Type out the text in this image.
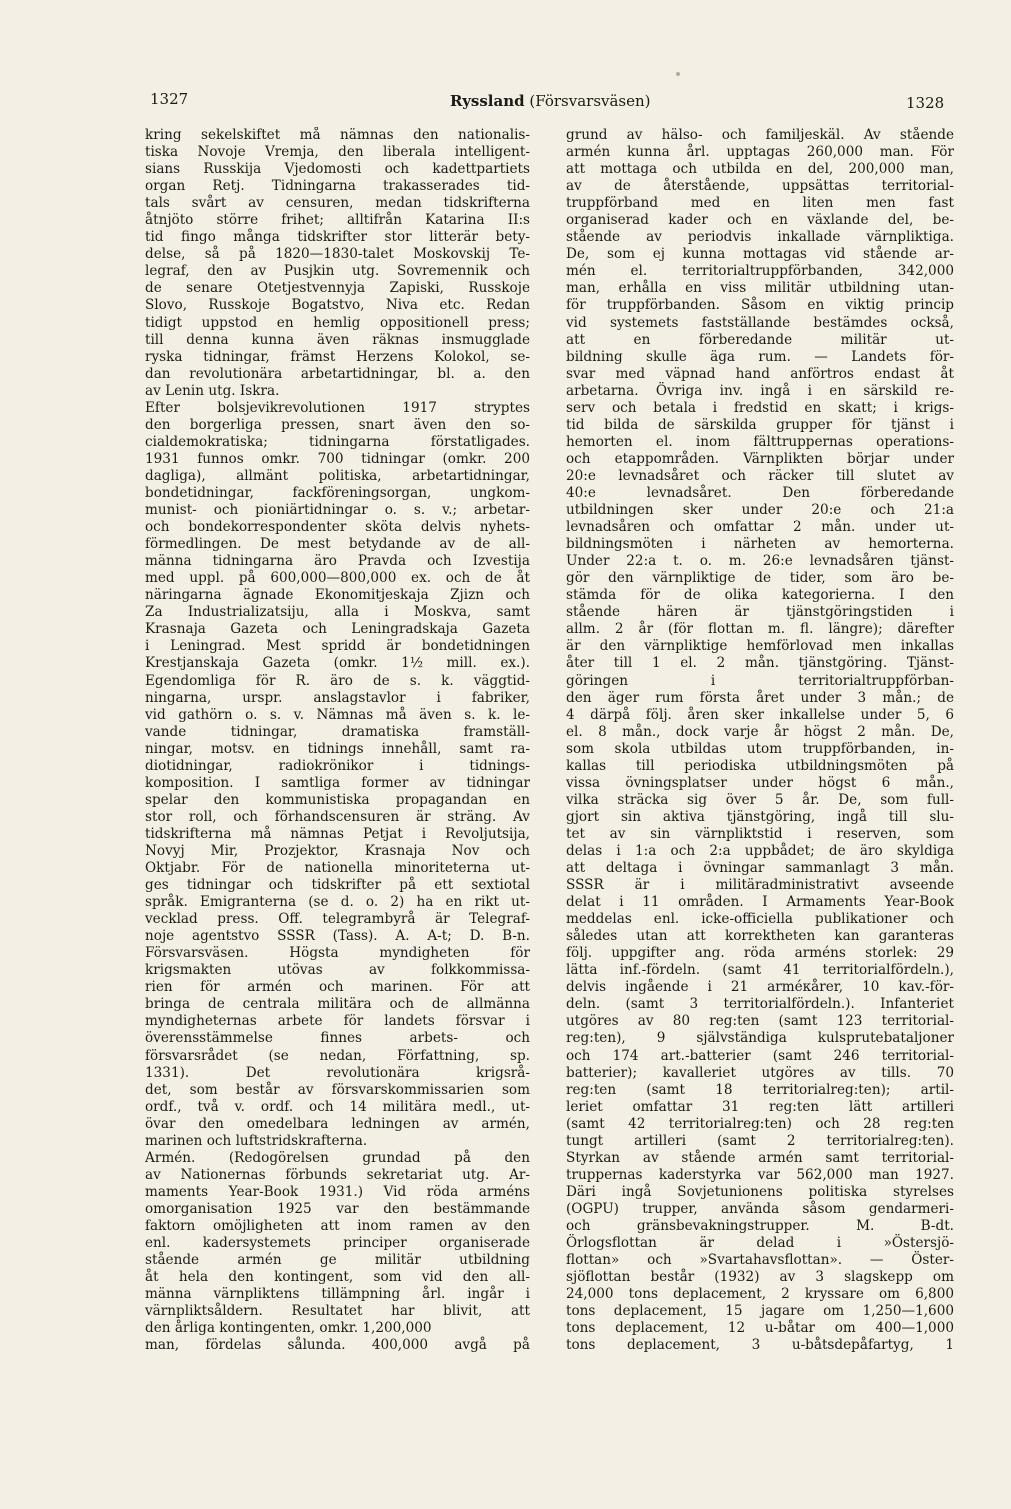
1327	Ryssland (Försvarsväsen)	1328

kring sekelskiftet må nämnas den nationalis-

tiska Novoje Vremja, den liberala intelligent-

sians Russkija Vjedomosti och kadettpartiets

organ Retj. Tidningarna trakasserades tid-

tals svårt av censuren, medan tidskrifterna

åtnjöto större frihet; alltifrån Katarina II:s

tid fingo många tidskrifter stor litterär bety-

delse, så på 1820—1830-talet Moskovskij Te-

legraf, den av Pusjkin utg. Sovremennik och

de senare Otetjestvennyja Zapiski, Russkoje

Slovo, Russkoje Bogatstvo, Niva etc. Redan

tidigt uppstod en hemlig oppositionell press;

till denna kunna även räknas insmugglade

ryska tidningar, främst Herzens Kolokol, se-

dan revolutionära arbetartidningar, bl. a. den

av Lenin utg. Iskra.

Efter bolsjevikrevolutionen 1917 stryptes

den borgerliga pressen, snart även den so-

cialdemokratiska; tidningarna förstatligades.

1931 funnos omkr. 700 tidningar (omkr. 200

dagliga), allmänt politiska, arbetartidningar,

bondetidningar, fackföreningsorgan, ungkom-

munist- och pioniärtidningar o. s. v.; arbetar-

och bondekorrespondenter sköta delvis nyhets-

förmedlingen. De mest betydande av de all-

männa tidningarna äro Pravda och Izvestija

med uppl. på 600,000—800,000 ex. och de åt

näringarna ägnade Ekonomitjeskaja Zjizn och

Za Industrializatsiju, alla i Moskva, samt

Krasnaja Gazeta och Leningradskaja Gazeta

i Leningrad. Mest spridd är bondetidningen

Krestjanskaja Gazeta (omkr. 1½ mill. ex.).

Egendomliga för R. äro de s. k. väggtid-

ningarna, urspr. anslagstavlor i fabriker,

vid gathörn o. s. v. Nämnas må även s. k. le-

vande tidningar, dramatiska framställ-

ningar, motsv. en tidnings innehåll, samt ra-

diotidningar, radiokrönikor i tidnings-

komposition. I samtliga former av tidningar

spelar den kommunistiska propagandan en

stor roll, och förhandscensuren är sträng. Av

tidskrifterna må nämnas Petjat i Revoljutsija,

Novyj Mir, Prozjektor, Krasnaja Nov och

Oktjabr. För de nationella minoriteterna ut-

ges tidningar och tidskrifter på ett sextiotal

språk. Emigranterna (se d. o. 2) ha en rikt ut-

vecklad press. Off. telegrambyrå är Telegraf-

noje agentstvo SSSR (Tass). A. A-t; D. B-n.

Försvarsväsen. Högsta myndigheten för

krigsmakten utövas av folkkommissa-

rien för armén och marinen. För att

bringa de centrala militära och de allmänna

myndigheternas arbete för landets försvar i

överensstämmelse finnes arbets- och

försvarsrådet (se nedan, Författning, sp.

1331). Det revolutionära krigsrå-

det, som består av försvarskommissarien som

ordf., två v. ordf. och 14 militära medl., ut-

övar den omedelbara ledningen av armén,

marinen och luftstridskrafterna.

Armén. (Redogörelsen grundad på den

av Nationernas förbunds sekretariat utg. Ar-

maments Year-Book 1931.) Vid röda arméns

omorganisation 1925 var den bestämmande

faktorn omöjligheten att inom ramen av den

enl. kadersystemets principer organiserade

stående armén ge militär utbildning

åt hela den kontingent, som vid den all-

männa värnpliktens tillämpning årl. ingår i

värnpliktsåldern. Resultatet har blivit, att

den årliga kontingenten, omkr. 1,200,000

man, fördelas sålunda. 400,000 avgå på

grund av hälso- och familjeskäl. Av stående

armén kunna årl. upptagas 260,000 man. För

att mottaga och utbilda en del, 200,000 man,

av de återstående, uppsättas territorial-

truppförband med en liten men fast

organiserad kader och en växlande del, be-

stående av periodvis inkallade värnpliktiga.

De, som ej kunna mottagas vid stående ar-

mén el. territorialtruppförbanden, 342,000

man, erhålla en viss militär utbildning utan-

för truppförbanden. Såsom en viktig princip

vid systemets fastställande bestämdes också,

att en förberedande militär ut-

bildning skulle äga rum. — Landets för-

svar med väpnad hand anförtros endast åt

arbetarna. Övriga inv. ingå i en särskild re-

serv och betala i fredstid en skatt; i krigs-

tid bilda de särskilda grupper för tjänst i

hemorten el. inom fälttruppernas operations-

och etappområden. Värnplikten börjar under

20:e levnadsåret och räcker till slutet av

40:e levnadsåret. Den förberedande

utbildningen sker under 20:e och 21:a

levnadsåren och omfattar 2 mån. under ut-

bildningsmöten i närheten av hemorterna.

Under 22:a t. o. m. 26:e levnadsåren tjänst-

gör den värnpliktige de tider, som äro be-

stämda för de olika kategorierna. I den

stående hären är tjänstgöringstiden i

allm. 2 år (för flottan m. fl. längre); därefter

är den värnpliktige hemförlovad men inkallas

åter till 1 el. 2 mån. tjänstgöring. Tjänst-

göringen i territorialtruppförban-

den äger rum första året under 3 mån.; de

4 därpå följ. åren sker inkallelse under 5, 6

el. 8 mån., dock varje år högst 2 mån. De,

som skola utbildas utom truppförbanden, in-

kallas till periodiska utbildningsmöten på

vissa övningsplatser under högst 6 mån.,

vilka sträcka sig över 5 år. De, som full-

gjort sin aktiva tjänstgöring, ingå till slu-

tet av sin värnpliktstid i reserven, som

delas i 1:a och 2:a uppbådet; de äro skyldiga

att deltaga i övningar sammanlagt 3 mån.

SSSR är i militäradministrativt avseende

delat i 11 områden. I Armaments Year-Book

meddelas enl. icke-officiella publikationer och

således utan att korrektheten kan garanteras

följ. uppgifter ang. röda arméns storlek: 29

lätta inf.-fördeln. (samt 41 territorialfördeln.),

delvis ingående i 21 arméкårer, 10 kav.-för-

deln. (samt 3 territorialfördeln.). Infanteriet

utgöres av 80 reg:ten (samt 123 territorial-

reg:ten), 9 självständiga kulsprutebataljoner

och 174 art.-batterier (samt 246 territorial-

batterier); kavalleriet utgöres av tills. 70

reg:ten (samt 18 territorialreg:ten); artil-

leriet omfattar 31 reg:ten lätt artilleri

(samt 42 territorialreg:ten) och 28 reg:ten

tungt artilleri (samt 2 territorialreg:ten).

Styrkan av stående armén samt territorial-

truppernas kaderstyrka var 562,000 man 1927.

Däri ingå Sovjetunionens politiska styrelses

(OGPU) trupper, använda såsom gendarmeri-

och gränsbevakningstrupper. M. B-dt.

Örlogsflottan är delad i »Östersjö-

flottan» och »Svartahavsflottan». — Öster-

sjöflottan består (1932) av 3 slagskepp om

24,000 tons deplacement, 2 kryssare om 6,800

tons deplacement, 15 jagare om 1,250—1,600

tons deplacement, 12 u-båtar om 400—1,000

tons deplacement, 3 u-båtsdepåfartyg, 1
